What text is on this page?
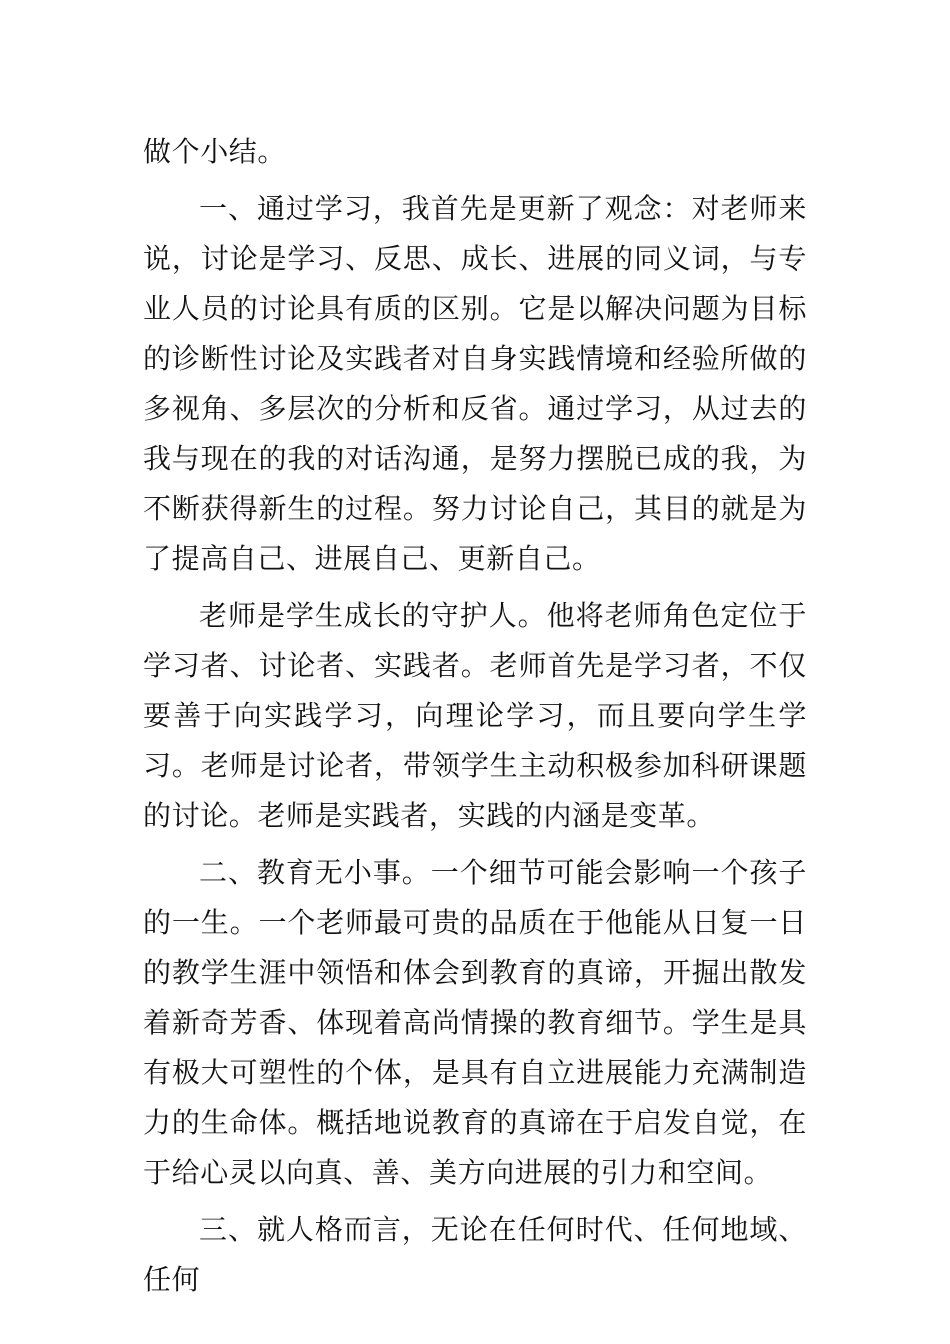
做个小结。

一、通过学习，我首先是更新了观念：对老师来说，讨论是学习、反思、成长、进展的同义词，与专业人员的讨论具有质的区别。它是以解决问题为目标的诊断性讨论及实践者对自身实践情境和经验所做的多视角、多层次的分析和反省。通过学习，从过去的我与现在的我的对话沟通，是努力摆脱已成的我，为不断获得新生的过程。努力讨论自己，其目的就是为了提高自己、进展自己、更新自己。

老师是学生成长的守护人。他将老师角色定位于学习者、讨论者、实践者。老师首先是学习者，不仅要善于向实践学习，向理论学习，而且要向学生学习。老师是讨论者，带领学生主动积极参加科研课题的讨论。老师是实践者，实践的内涵是变革。

二、教育无小事。一个细节可能会影响一个孩子的一生。一个老师最可贵的品质在于他能从日复一日的教学生涯中领悟和体会到教育的真谛，开掘出散发着新奇芳香、体现着高尚情操的教育细节。学生是具有极大可塑性的个体，是具有自立进展能力充满制造力的生命体。概括地说教育的真谛在于启发自觉，在于给心灵以向真、善、美方向进展的引力和空间。

三、就人格而言，无论在任何时代、任何地域、任何
